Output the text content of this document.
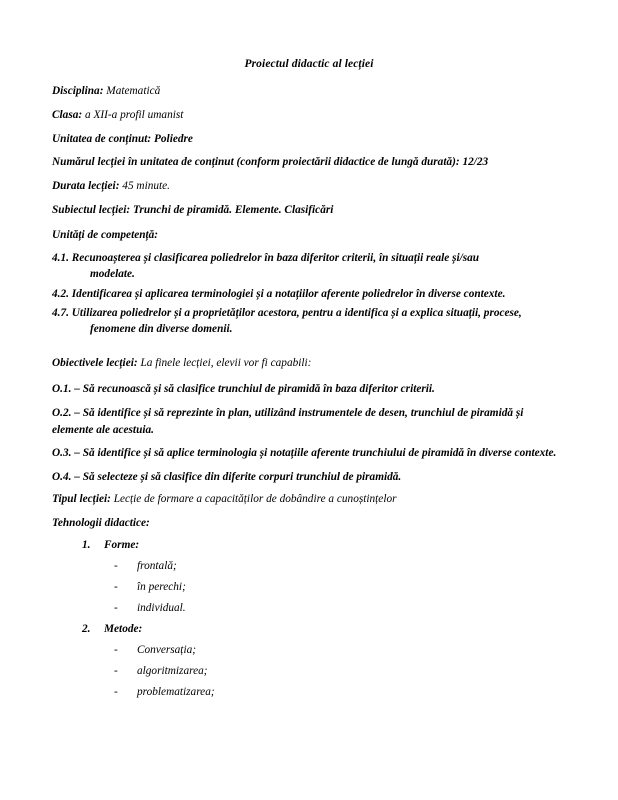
Proiectul didactic al lecției
Disciplina: Matematică
Clasa: a XII-a profil umanist
Unitatea de conținut: Poliedre
Numărul lecției în unitatea de conținut (conform proiectării didactice de lungă durată): 12/23
Durata lecției: 45 minute.
Subiectul lecției: Trunchi de piramidă. Elemente. Clasificări
Unități de competență:
4.1. Recunoașterea și clasificarea poliedrelor în baza diferitor criterii, în situații reale și/sau
modelate.
4.2. Identificarea și aplicarea terminologiei și a notațiilor aferente poliedrelor în diverse contexte.
4.7. Utilizarea poliedrelor și a proprietăților acestora, pentru a identifica și a explica situații, procese,
fenomene din diverse domenii.
Obiectivele lecției: La finele lecției, elevii vor fi capabili:
O.1. – Să recunoască și să clasifice trunchiul de piramidă în baza diferitor criterii.
O.2. – Să identifice și să reprezinte în plan, utilizând instrumentele de desen, trunchiul de piramidă și elemente ale acestuia.
O.3. – Să identifice și să aplice terminologia și notațiile aferente trunchiului de piramidă în diverse contexte.
O.4. – Să selecteze și să clasifice din diferite corpuri trunchiul de piramidă.
Tipul lecției: Lecție de formare a capacităților de dobândire a cunoștințelor
Tehnologii didactice:
1. Forme:
- frontală;
- în perechi;
- individual.
2. Metode:
- Conversația;
- algoritmizarea;
- problematizarea;
